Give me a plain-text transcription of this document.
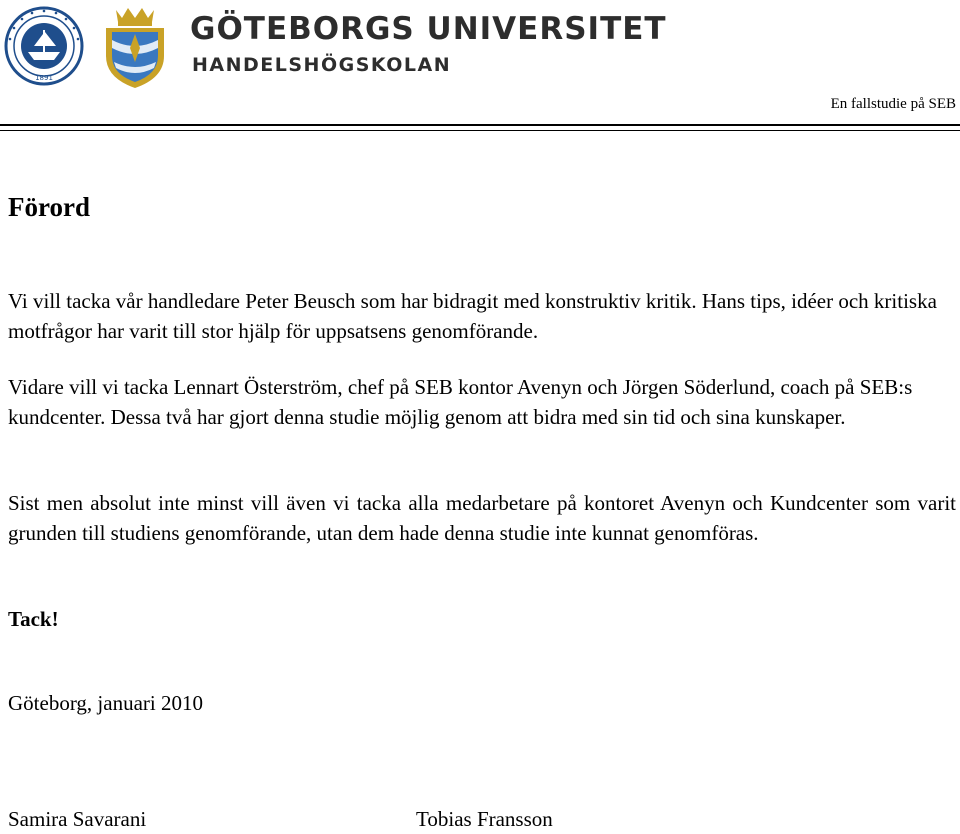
1891
GÖTEBORGS UNIVERSITET
HANDELSHÖGSKOLAN
En fallstudie på SEB
Förord

Vi vill tacka vår handledare Peter Beusch som har bidragit med konstruktiv kritik. Hans tips, idéer och kritiska motfrågor har varit till stor hjälp för uppsatsens genomförande.

Vidare vill vi tacka Lennart Österström, chef på SEB kontor Avenyn och Jörgen Söderlund, coach på SEB:s kundcenter. Dessa två har gjort denna studie möjlig genom att bidra med sin tid och sina kunskaper.

Sist men absolut inte minst vill även vi tacka alla medarbetare på kontoret Avenyn och Kundcenter som varit grunden till studiens genomförande, utan dem hade denna studie inte kunnat genomföras.

Tack!

Göteborg, januari 2010

Samira Savarani	Tobias Fransson
